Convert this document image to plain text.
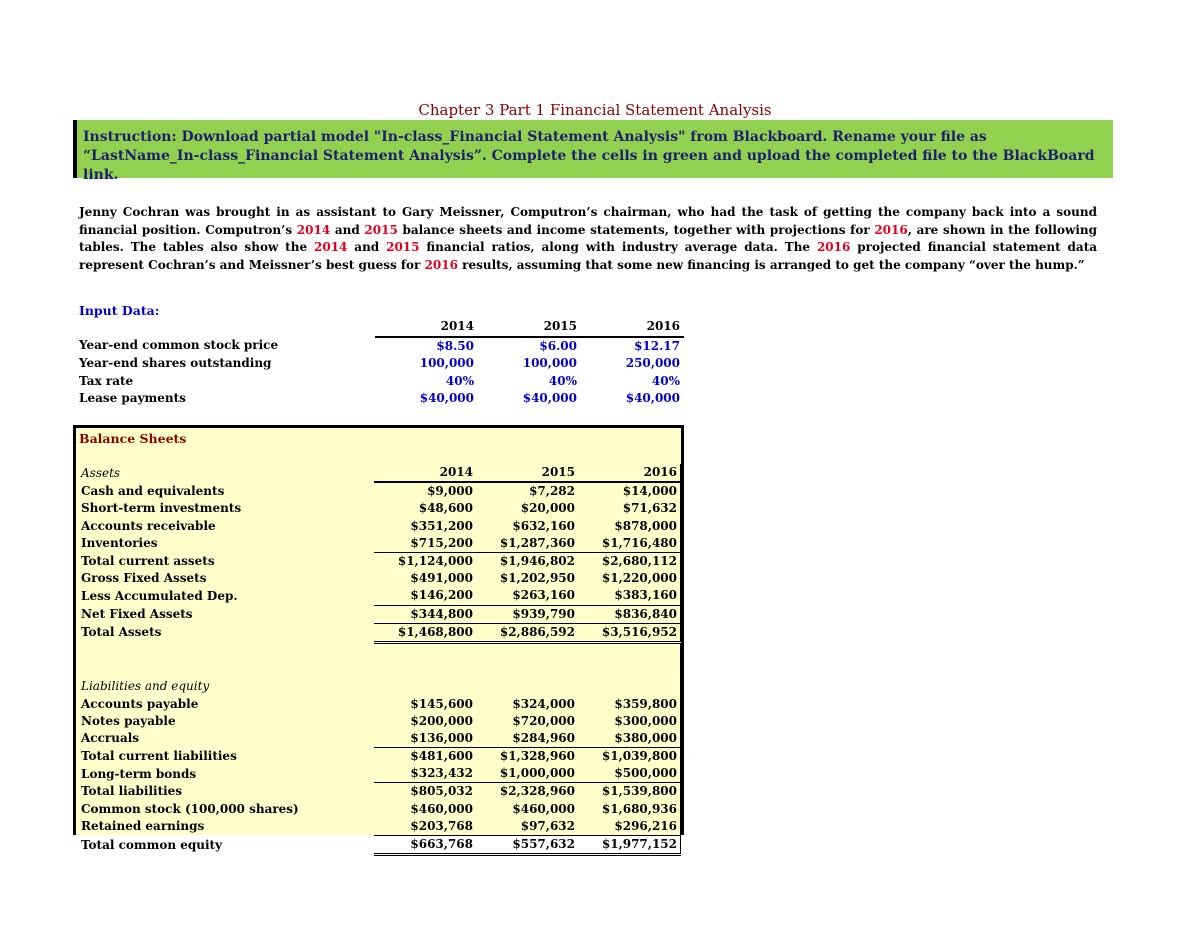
Chapter 3 Part 1 Financial Statement Analysis
Instruction: Download partial model "In-class_Financial Statement Analysis" from Blackboard. Rename your file as “LastName_In-class_Financial Statement Analysis”. Complete the cells in green and upload the completed file to the BlackBoard link.
Jenny Cochran was brought in as assistant to Gary Meissner, Computron’s chairman, who had the task of getting the company back into a sound financial position. Computron’s 2014 and 2015 balance sheets and income statements, together with projections for 2016, are shown in the following tables. The tables also show the 2014 and 2015 financial ratios, along with industry average data. The 2016 projected financial statement data represent Cochran’s and Meissner’s best guess for 2016 results, assuming that some new financing is arranged to get the company “over the hump.”
Input Data:
	2014	2015	2016
Year-end common stock price	$8.50	$6.00	$12.17
Year-end shares outstanding	100,000	100,000	250,000
Tax rate	40%	40%	40%
Lease payments	$40,000	$40,000	$40,000
Balance Sheets
Assets	2014	2015	2016
Cash and equivalents	$9,000	$7,282	$14,000
Short-term investments	$48,600	$20,000	$71,632
Accounts receivable	$351,200	$632,160	$878,000
Inventories	$715,200	$1,287,360	$1,716,480
Total current assets	$1,124,000	$1,946,802	$2,680,112
Gross Fixed Assets	$491,000	$1,202,950	$1,220,000
Less Accumulated Dep.	$146,200	$263,160	$383,160
Net Fixed Assets	$344,800	$939,790	$836,840
Total Assets	$1,468,800	$2,886,592	$3,516,952

Liabilities and equity			
Accounts payable	$145,600	$324,000	$359,800
Notes payable	$200,000	$720,000	$300,000
Accruals	$136,000	$284,960	$380,000
Total current liabilities	$481,600	$1,328,960	$1,039,800
Long-term bonds	$323,432	$1,000,000	$500,000
Total liabilities	$805,032	$2,328,960	$1,539,800
Common stock (100,000 shares)	$460,000	$460,000	$1,680,936
Retained earnings	$203,768	$97,632	$296,216
Total common equity	$663,768	$557,632	$1,977,152
